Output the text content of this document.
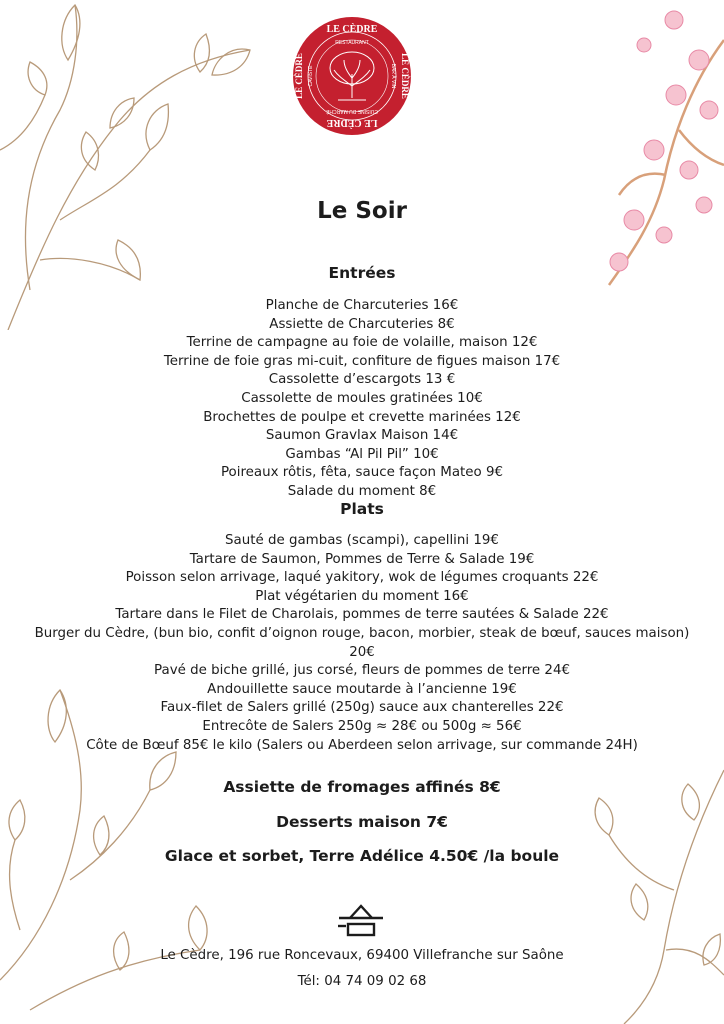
LE CÈDRE
LE CÈDRE
RESTAURANT
CAVISTE	BAR À VIN
CUISINE DU MARCHÉ
LE CÈDRE	LE CÈDRE
Le Soir
Entrées
Planche de Charcuteries 16€
Assiette de Charcuteries 8€
Terrine de campagne au foie de volaille, maison 12€
Terrine de foie gras mi-cuit, confiture de figues maison 17€
Cassolette d’escargots 13 €
Cassolette de moules gratinées 10€
Brochettes de poulpe et crevette marinées 12€
Saumon Gravlax Maison 14€
Gambas “Al Pil Pil” 10€
Poireaux rôtis, fêta, sauce façon Mateo 9€
Salade du moment 8€
Plats
Sauté de gambas (scampi), capellini 19€
Tartare de Saumon, Pommes de Terre & Salade 19€
Poisson selon arrivage, laqué yakitory, wok de légumes croquants 22€
Plat végétarien du moment 16€
Tartare dans le Filet de Charolais, pommes de terre sautées & Salade 22€
Burger du Cèdre, (bun bio, confit d’oignon rouge, bacon, morbier, steak de bœuf, sauces maison)
20€
Pavé de biche grillé, jus corsé, fleurs de pommes de terre 24€
Andouillette sauce moutarde à l’ancienne 19€
Faux-filet de Salers grillé (250g) sauce aux chanterelles 22€
Entrecôte de Salers 250g ≈ 28€ ou 500g ≈ 56€
Côte de Bœuf 85€ le kilo (Salers ou Aberdeen selon arrivage, sur commande 24H)
Assiette de fromages affinés 8€
Desserts maison 7€
Glace et sorbet, Terre Adélice 4.50€ /la boule
Le Cèdre, 196 rue Roncevaux, 69400 Villefranche sur Saône
Tél: 04 74 09 02 68
